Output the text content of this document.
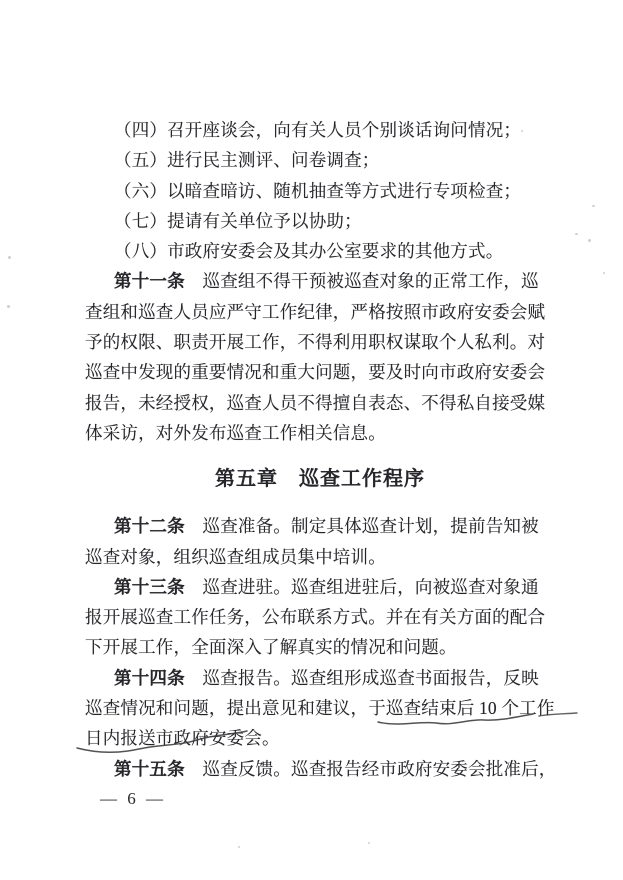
（四）召开座谈会，向有关人员个别谈话询问情况；
（五）进行民主测评、问卷调查；
（六）以暗查暗访、随机抽查等方式进行专项检查；
（七）提请有关单位予以协助；
（八）市政府安委会及其办公室要求的其他方式。
第十一条　巡查组不得干预被巡查对象的正常工作，巡
查组和巡查人员应严守工作纪律，严格按照市政府安委会赋
予的权限、职责开展工作，不得利用职权谋取个人私利。对
巡查中发现的重要情况和重大问题，要及时向市政府安委会
报告，未经授权，巡查人员不得擅自表态、不得私自接受媒
体采访，对外发布巡查工作相关信息。
第五章　巡查工作程序
第十二条　巡查准备。制定具体巡查计划，提前告知被
巡查对象，组织巡查组成员集中培训。
第十三条　巡查进驻。巡查组进驻后，向被巡查对象通
报开展巡查工作任务，公布联系方式。并在有关方面的配合
下开展工作，全面深入了解真实的情况和问题。
第十四条　巡查报告。巡查组形成巡查书面报告，反映
巡查情况和问题，提出意见和建议，于巡查结束后 10 个工作
日内报送市政府安委会。
第十五条　巡查反馈。巡查报告经市政府安委会批准后，
— 6 —
